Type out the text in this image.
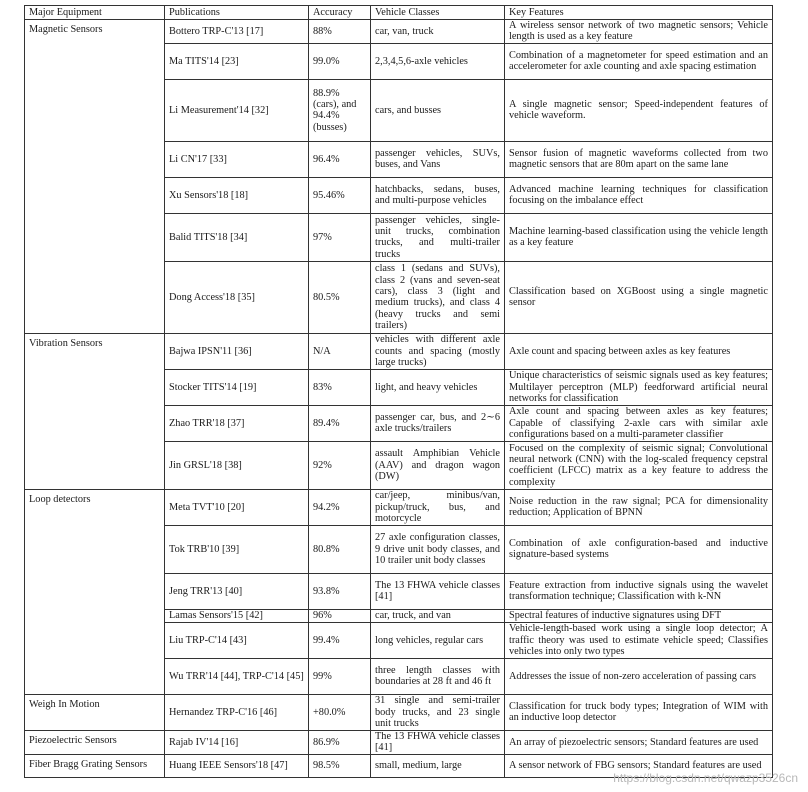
Major Equipment	Publications	Accuracy	Vehicle Classes	Key Features
Magnetic Sensors	Bottero TRP-C'13 [17]	88%	car, van, truck	A wireless sensor network of two magnetic sensors; Vehicle length is used as a key feature
	Ma TITS'14 [23]	99.0%	2,3,4,5,6-axle vehicles	Combination of a magnetometer for speed estimation and an accelerometer for axle counting and axle spacing estimation
	Li Measurement'14 [32]	88.9% (cars), and 94.4% (busses)	cars, and busses	A single magnetic sensor; Speed-independent features of vehicle waveform.
	Li CN'17 [33]	96.4%	passenger vehicles, SUVs, buses, and Vans	Sensor fusion of magnetic waveforms collected from two magnetic sensors that are 80m apart on the same lane
	Xu Sensors'18 [18]	95.46%	hatchbacks, sedans, buses, and multi-purpose vehicles	Advanced machine learning techniques for classification focusing on the imbalance effect
	Balid TITS'18 [34]	97%	passenger vehicles, single-unit trucks, combination trucks, and multi-trailer trucks	Machine learning-based classification using the vehicle length as a key feature
	Dong Access'18 [35]	80.5%	class 1 (sedans and SUVs), class 2 (vans and seven-seat cars), class 3 (light and medium trucks), and class 4 (heavy trucks and semi trailers)	Classification based on XGBoost using a single magnetic sensor
Vibration Sensors	Bajwa IPSN'11 [36]	N/A	vehicles with different axle counts and spacing (mostly large trucks)	Axle count and spacing between axles as key features
	Stocker TITS'14 [19]	83%	light, and heavy vehicles	Unique characteristics of seismic signals used as key features; Multilayer perceptron (MLP) feedforward artificial neural networks for classification
	Zhao TRR'18 [37]	89.4%	passenger car, bus, and 2∼6 axle trucks/trailers	Axle count and spacing between axles as key features; Capable of classifying 2-axle cars with similar axle configurations based on a multi-parameter classifier
	Jin GRSL'18 [38]	92%	assault Amphibian Vehicle (AAV) and dragon wagon (DW)	Focused on the complexity of seismic signal; Convolutional neural network (CNN) with the log-scaled frequency cepstral coefficient (LFCC) matrix as a key feature to address the complexity
Loop detectors	Meta TVT'10 [20]	94.2%	car/jeep, minibus/van, pickup/truck, bus, and motorcycle	Noise reduction in the raw signal; PCA for dimensionality reduction; Application of BPNN
	Tok TRB'10 [39]	80.8%	27 axle configuration classes, 9 drive unit body classes, and 10 trailer unit body classes	Combination of axle configuration-based and inductive signature-based systems
	Jeng TRR'13 [40]	93.8%	The 13 FHWA vehicle classes [41]	Feature extraction from inductive signals using the wavelet transformation technique; Classification with k-NN
	Lamas Sensors'15 [42]	96%	car, truck, and van	Spectral features of inductive signatures using DFT
	Liu TRP-C'14 [43]	99.4%	long vehicles, regular cars	Vehicle-length-based work using a single loop detector; A traffic theory was used to estimate vehicle speed; Classifies vehicles into only two types
	Wu TRR'14 [44], TRP-C'14 [45]	99%	three length classes with boundaries at 28 ft and 46 ft	Addresses the issue of non-zero acceleration of passing cars
Weigh In Motion	Hernandez TRP-C'16 [46]	+80.0%	31 single and semi-trailer body trucks, and 23 single unit trucks	Classification for truck body types; Integration of WIM with an inductive loop detector
Piezoelectric Sensors	Rajab IV'14 [16]	86.9%	The 13 FHWA vehicle classes [41]	An array of piezoelectric sensors; Standard features are used
Fiber Bragg Grating Sensors	Huang IEEE Sensors'18 [47]	98.5%	small, medium, large	A sensor network of FBG sensors; Standard features are used
https://blog.csdn.net/qwazp3526cn
